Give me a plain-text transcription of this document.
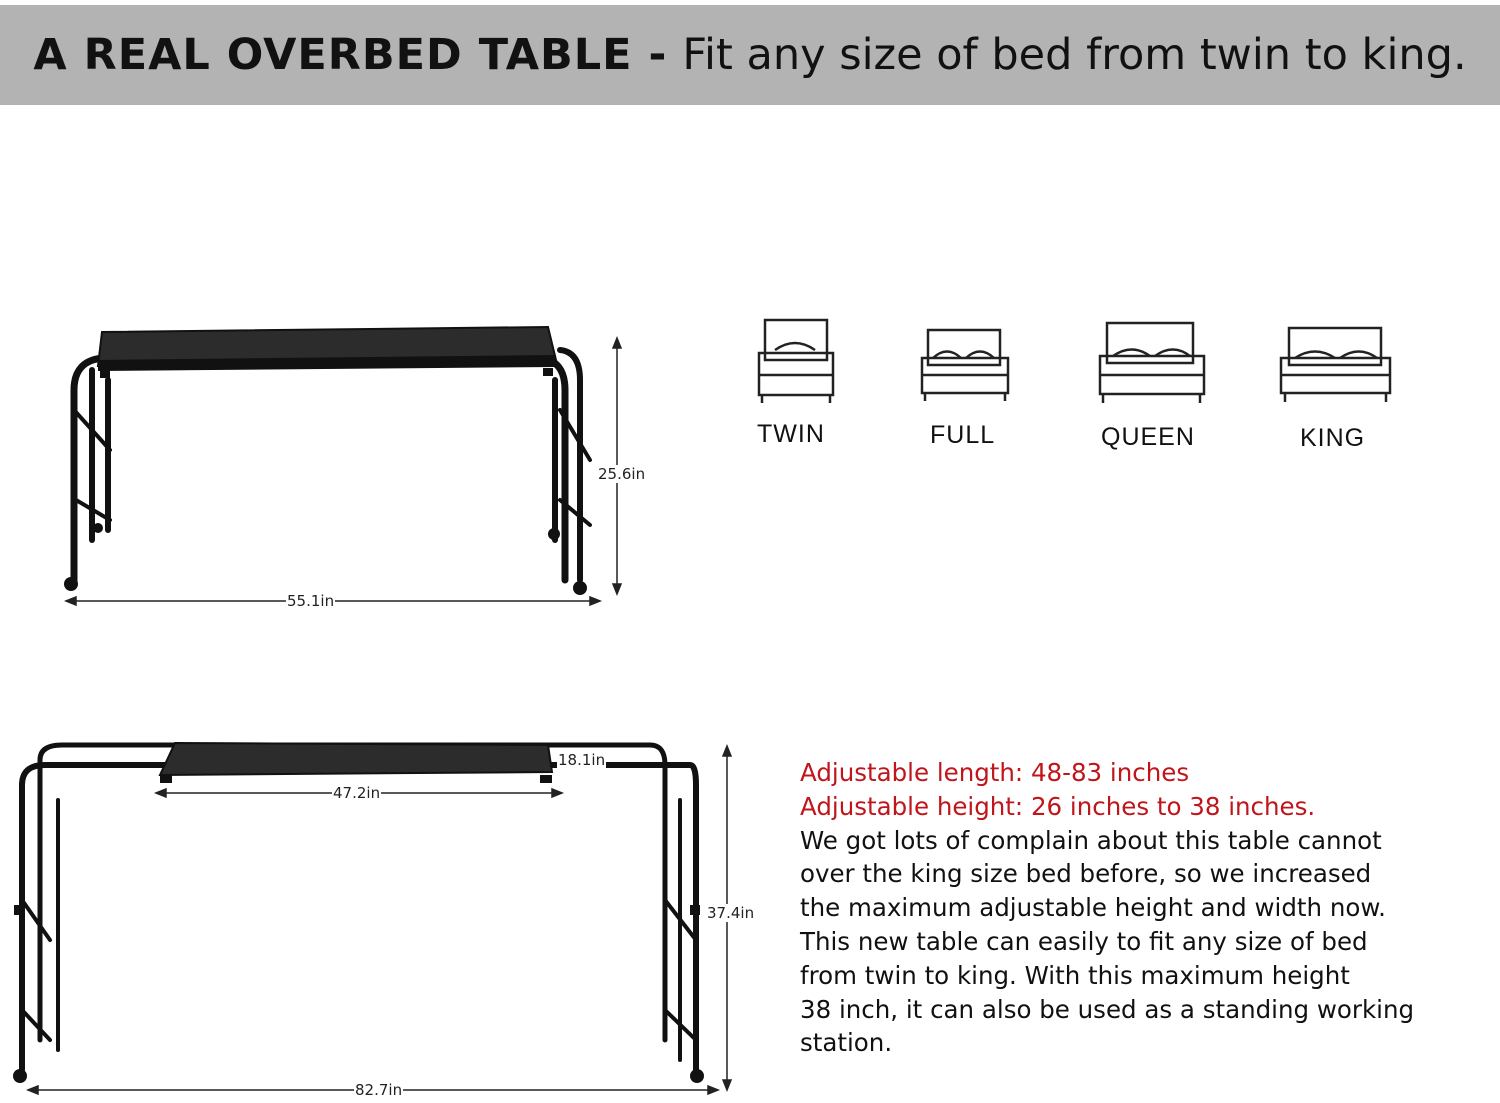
A REAL OVERBED TABLE - Fit any size of bed from twin to king.
55.1in
25.6in
47.2in
18.1in
37.4in
82.7in
TWIN	FULL	QUEEN	KING
Adjustable length: 48-83 inches
Adjustable height: 26 inches to 38 inches.
We got lots of complain about this table cannot
over the king size bed before, so we increased
the maximum adjustable height and width now.
This new table can easily to fit any size of bed
from twin to king. With this maximum height
38 inch, it can also be used as a standing working
station.
